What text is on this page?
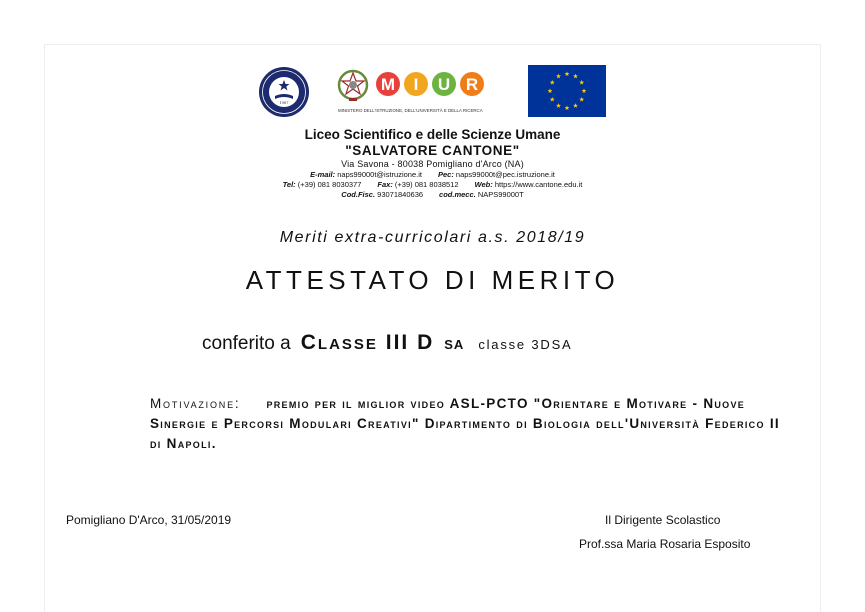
1987
M I U R
MINISTERO DELL'ISTRUZIONE, DELL'UNIVERSITÀ E DELLA RICERCA
Liceo Scientifico e delle Scienze Umane
"SALVATORE CANTONE"
Via Savona - 80038 Pomigliano d'Arco (NA)
E-mail: naps99000t@istruzione.it Pec: naps99000t@pec.istruzione.it
Tel: (+39) 081 8030377 Fax: (+39) 081 8038512 Web: https://www.cantone.edu.it
Cod.Fisc. 93071840636 cod.mecc. NAPS99000T
Meriti extra-curricolari a.s. 2018/19
ATTESTATO DI MERITO
conferito a Classe III D sa classe 3DSA
Motivazione: premio per il miglior video ASL-PCTO "Orientare e Motivare - Nuove Sinergie e Percorsi Modulari Creativi" Dipartimento di Biologia dell'Università Federico II di Napoli.
Pomigliano D'Arco, 31/05/2019	Il Dirigente Scolastico
Prof.ssa Maria Rosaria Esposito
